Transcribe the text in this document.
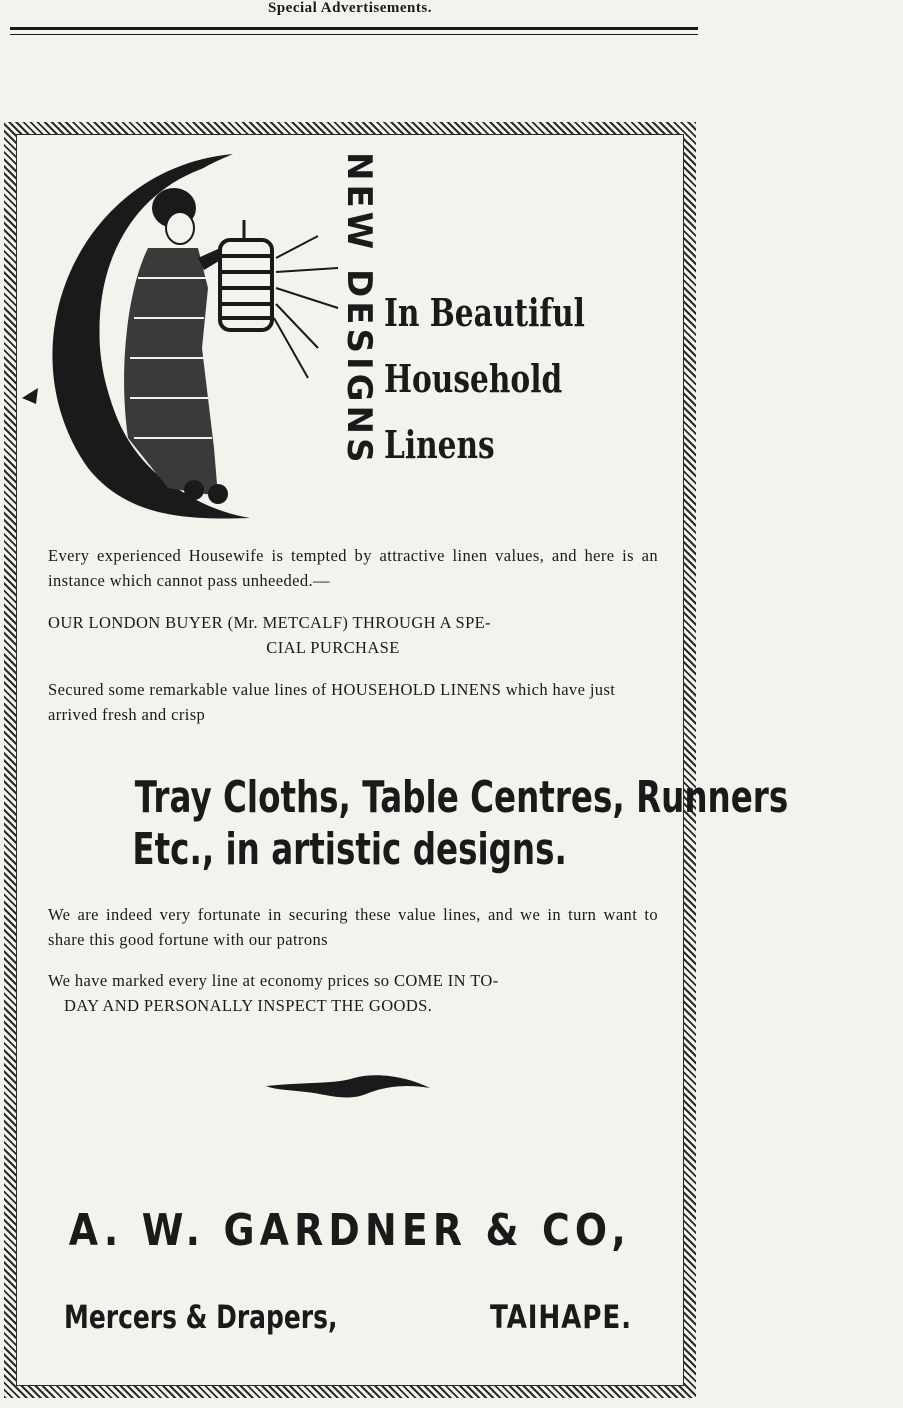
Special Advertisements.
NEW DESIGNS In Beautiful
Household
Linens
Every experienced Housewife is tempted by attractive linen values, and here is an instance which cannot pass unheeded.—
OUR LONDON BUYER (Mr. METCALF) THROUGH A SPE-
CIAL PURCHASE
Secured some remarkable value lines of HOUSEHOLD LINENS which have just arrived fresh and crisp
Tray Cloths, Table Centres, Runners
Etc., in artistic designs.
We are indeed very fortunate in securing these value lines, and we in turn want to share this good fortune with our patrons
We have marked every line at economy prices so COME IN TO-
DAY AND PERSONALLY INSPECT THE GOODS.
A. W. GARDNER & CO,
Mercers & Drapers,	TAIHAPE.
